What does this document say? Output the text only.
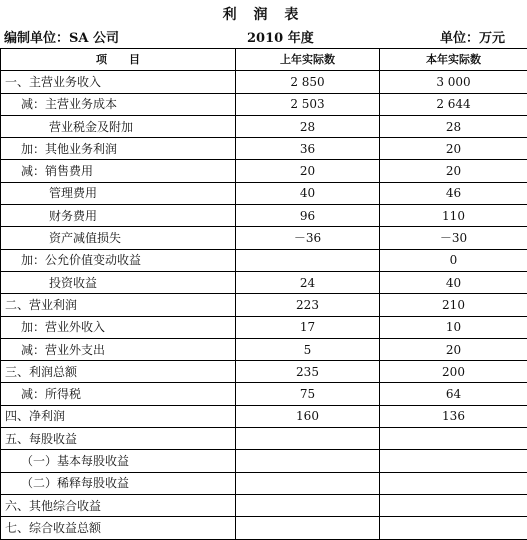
利 润 表
编制单位：SA 公司	2010 年度	单位：万元
项　　目	上年实际数	本年实际数
一、主营业务收入	2 850	3 000
减：主营业务成本	2 503	2 644
营业税金及附加	28	28
加：其他业务利润	36	20
减：销售费用	20	20
管理费用	40	46
财务费用	96	110
资产减值损失	－36	－30
加：公允价值变动收益		0
投资收益	24	40
二、营业利润	223	210
加：营业外收入	17	10
减：营业外支出	5	20
三、利润总额	235	200
减：所得税	75	64
四、净利润	160	136
五、每股收益		
（一）基本每股收益		
（二）稀释每股收益		
六、其他综合收益		
七、综合收益总额		
